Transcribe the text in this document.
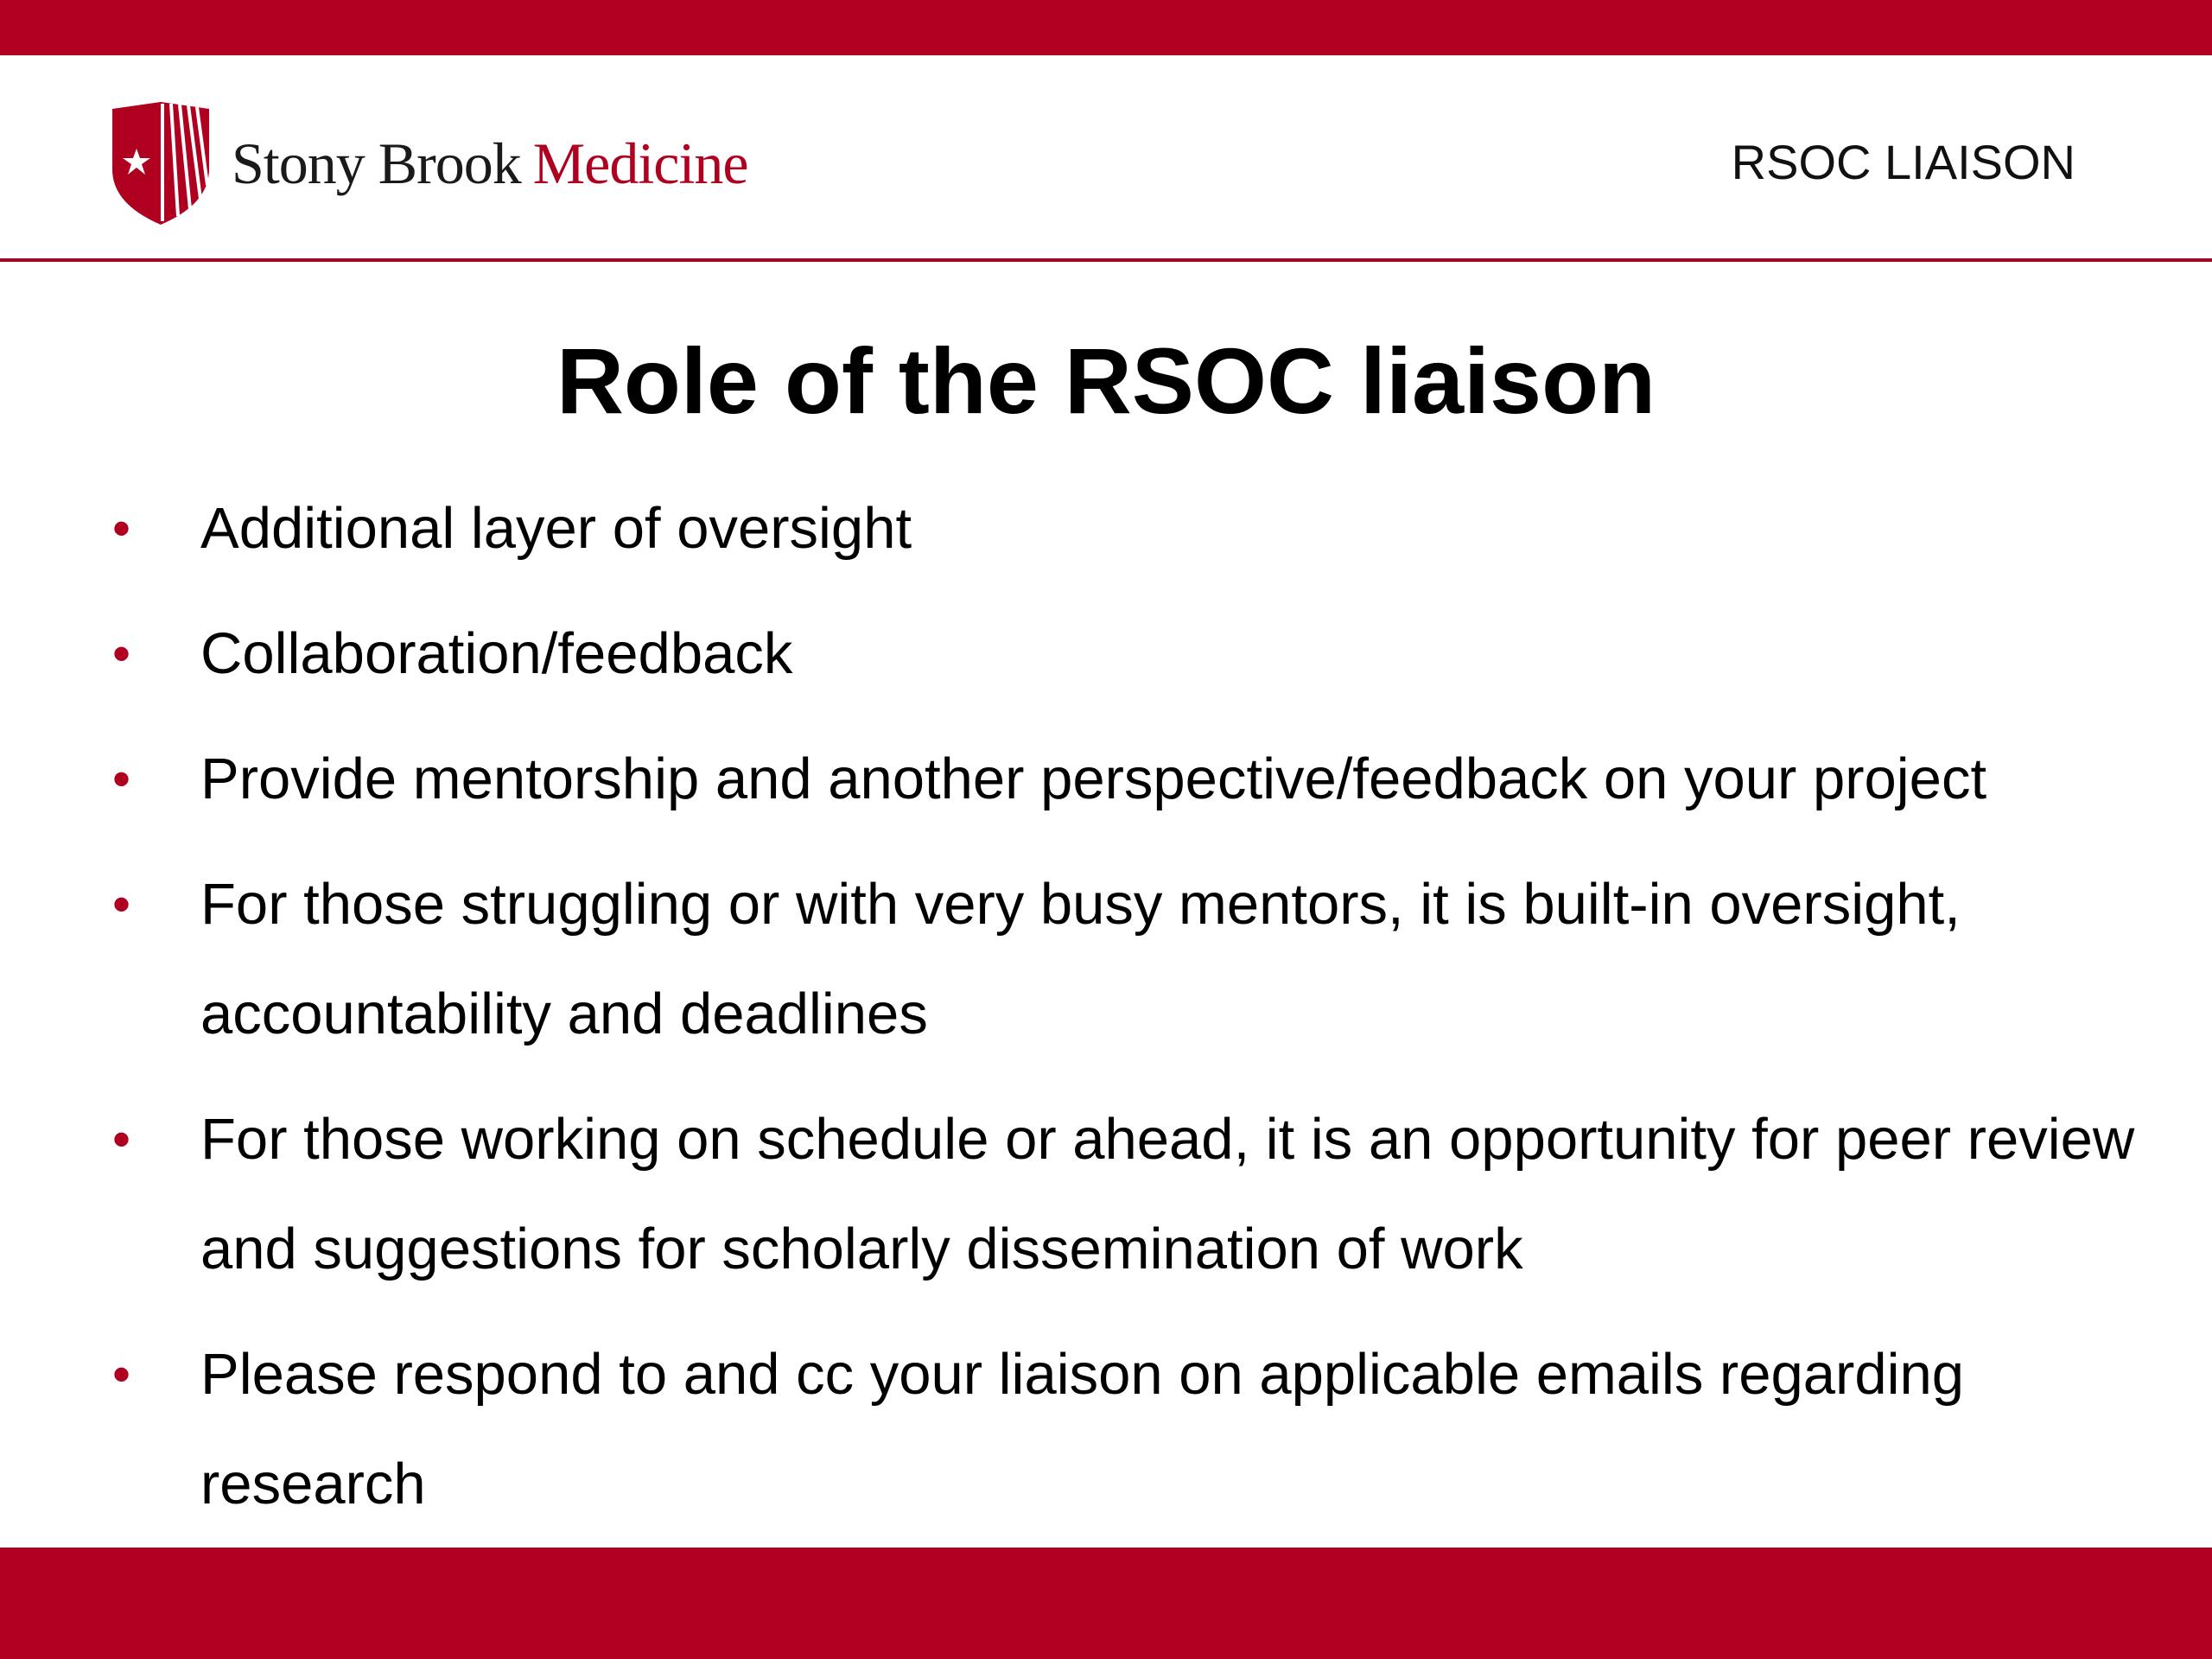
Stony Brook Medicine	RSOC LIAISON
Role of the RSOC liaison
• Additional layer of oversight
• Collaboration/feedback
• Provide mentorship and another perspective/feedback on your project
• For those struggling or with very busy mentors, it is built-in oversight, accountability and deadlines
• For those working on schedule or ahead, it is an opportunity for peer review and suggestions for scholarly dissemination of work
• Please respond to and cc your liaison on applicable emails regarding research
